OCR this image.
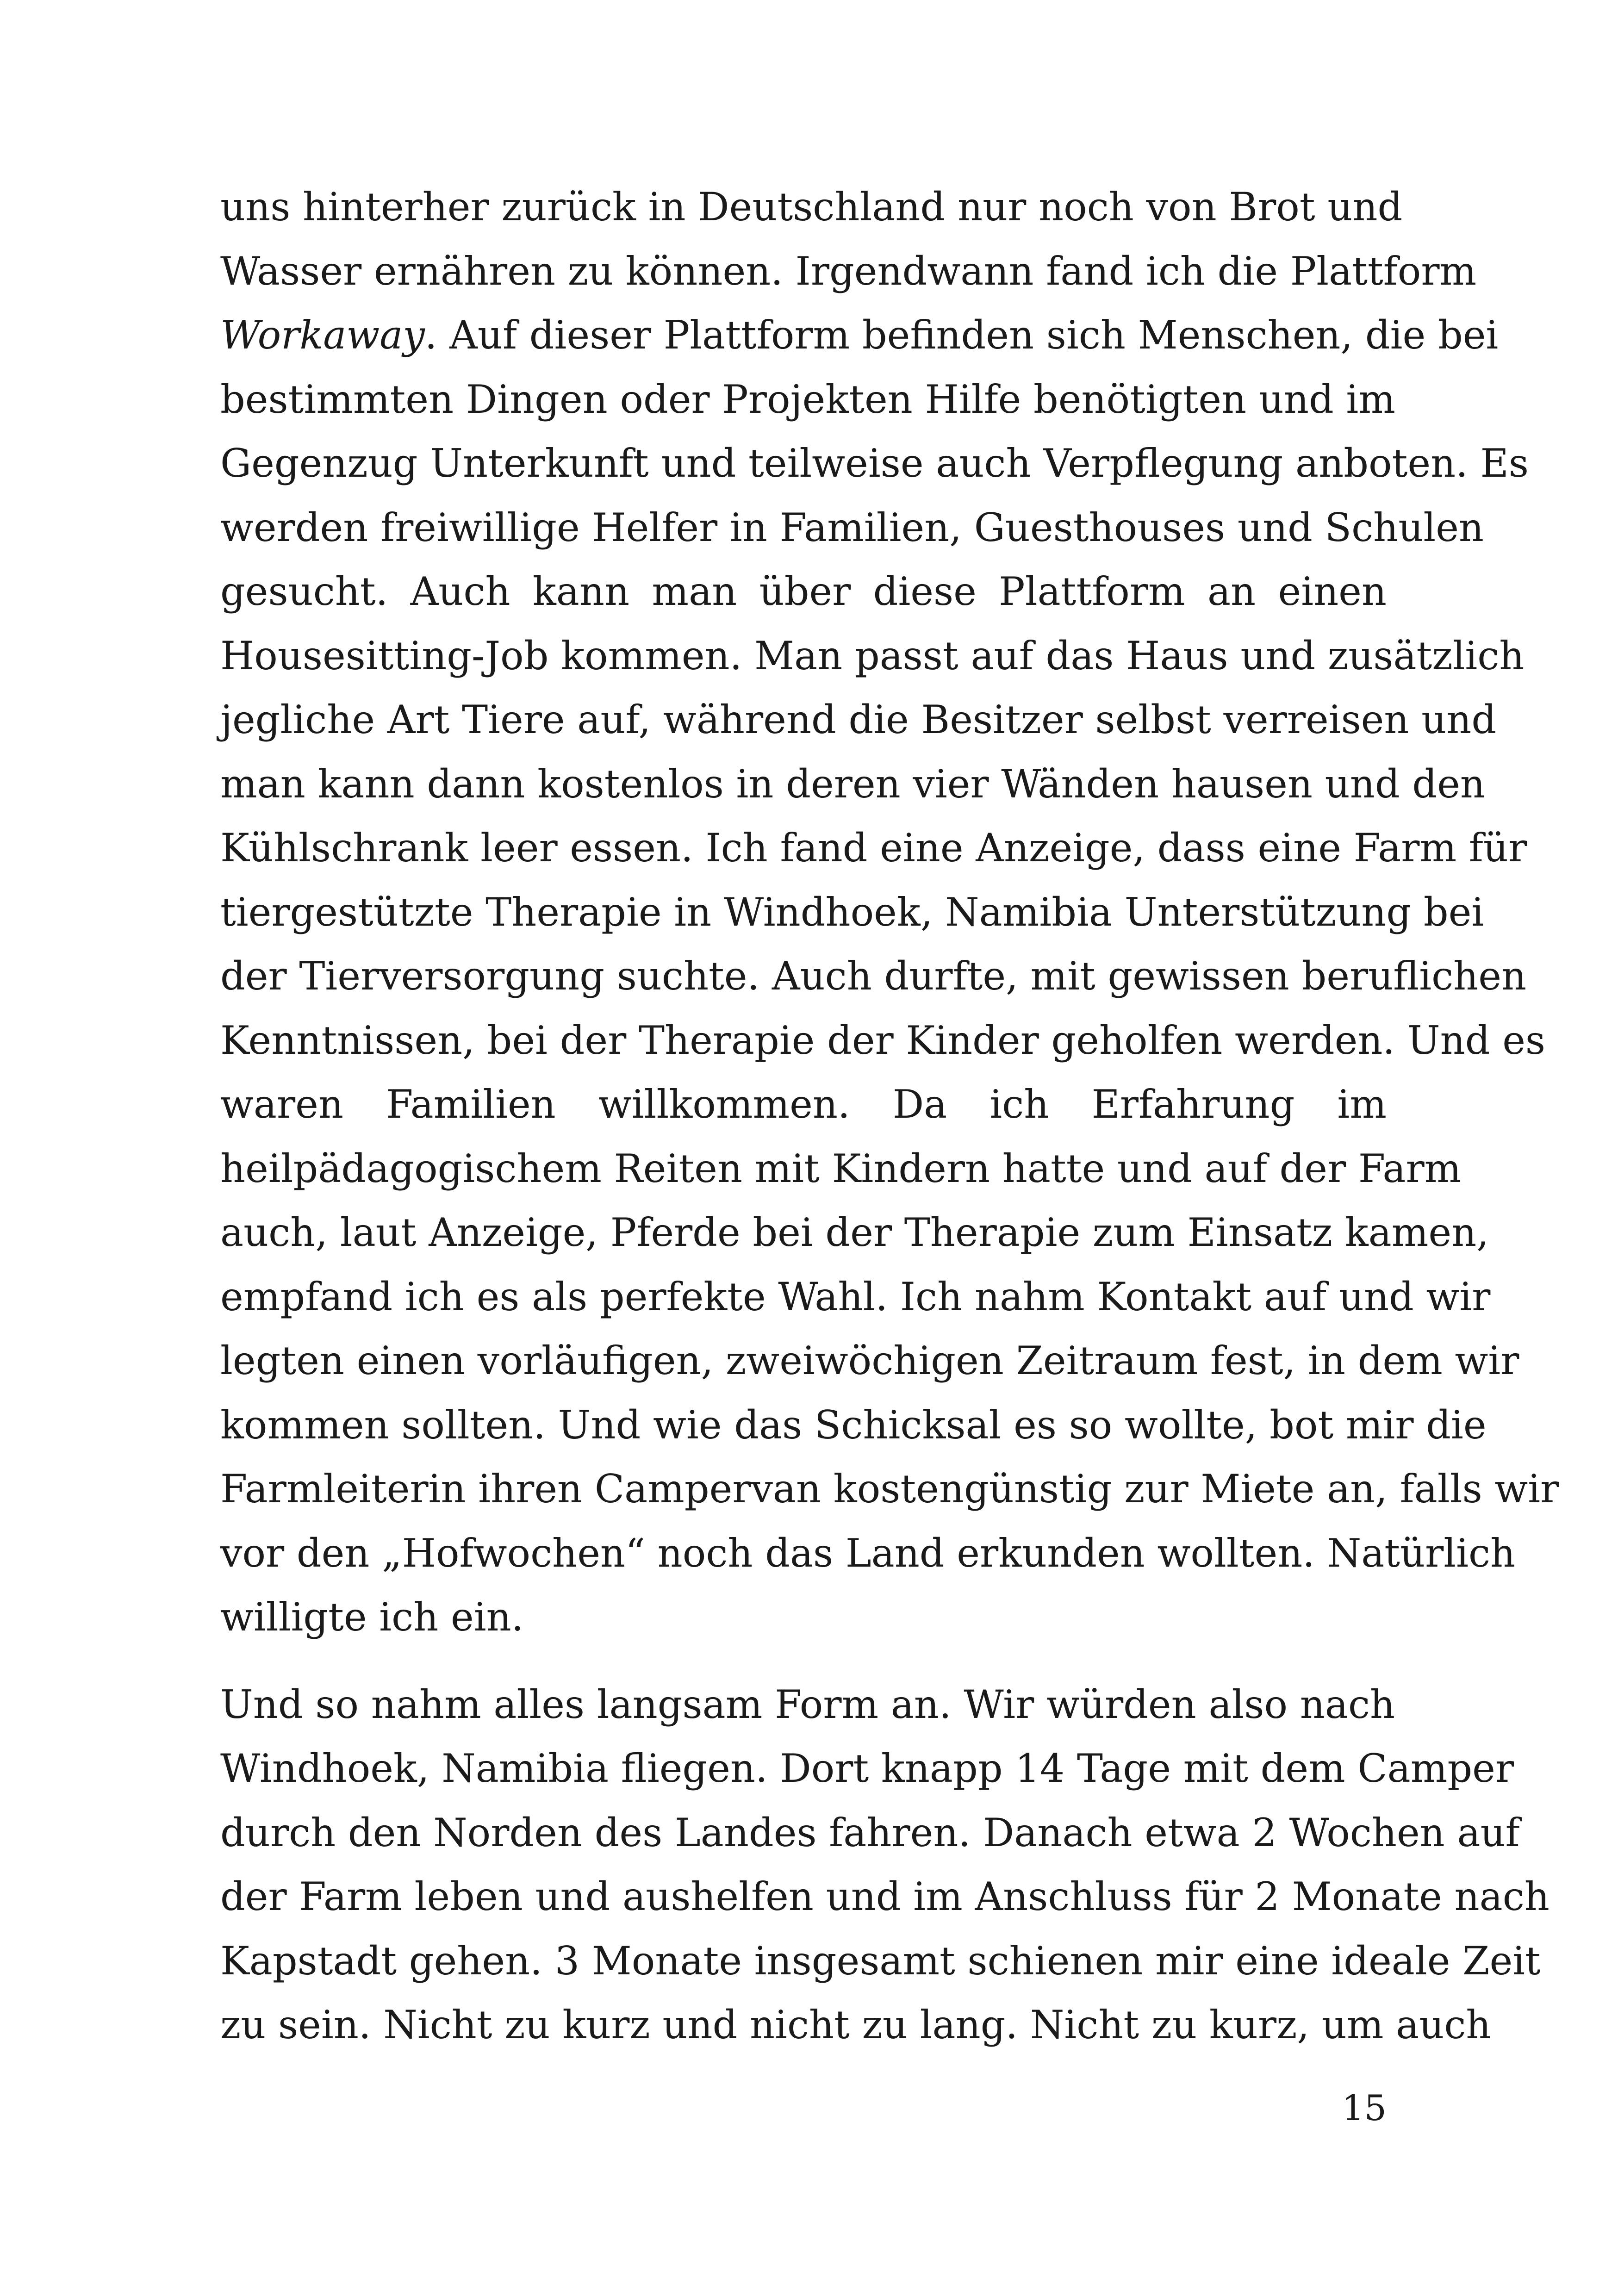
uns hinterher zurück in Deutschland nur noch von Brot und
Wasser ernähren zu können. Irgendwann fand ich die Plattform
Workaway. Auf dieser Plattform befinden sich Menschen, die bei
bestimmten Dingen oder Projekten Hilfe benötigten und im
Gegenzug Unterkunft und teilweise auch Verpflegung anboten. Es
werden freiwillige Helfer in Familien, Guesthouses und Schulen
gesucht. Auch kann man über diese Plattform an einen
Housesitting-Job kommen. Man passt auf das Haus und zusätzlich
jegliche Art Tiere auf, während die Besitzer selbst verreisen und
man kann dann kostenlos in deren vier Wänden hausen und den
Kühlschrank leer essen. Ich fand eine Anzeige, dass eine Farm für
tiergestützte Therapie in Windhoek, Namibia Unterstützung bei
der Tierversorgung suchte. Auch durfte, mit gewissen beruflichen
Kenntnissen, bei der Therapie der Kinder geholfen werden. Und es
waren Familien willkommen. Da ich Erfahrung im
heilpädagogischem Reiten mit Kindern hatte und auf der Farm
auch, laut Anzeige, Pferde bei der Therapie zum Einsatz kamen,
empfand ich es als perfekte Wahl. Ich nahm Kontakt auf und wir
legten einen vorläufigen, zweiwöchigen Zeitraum fest, in dem wir
kommen sollten. Und wie das Schicksal es so wollte, bot mir die
Farmleiterin ihren Campervan kostengünstig zur Miete an, falls wir
vor den „Hofwochen“ noch das Land erkunden wollten. Natürlich
willigte ich ein.

Und so nahm alles langsam Form an. Wir würden also nach
Windhoek, Namibia fliegen. Dort knapp 14 Tage mit dem Camper
durch den Norden des Landes fahren. Danach etwa 2 Wochen auf
der Farm leben und aushelfen und im Anschluss für 2 Monate nach
Kapstadt gehen. 3 Monate insgesamt schienen mir eine ideale Zeit
zu sein. Nicht zu kurz und nicht zu lang. Nicht zu kurz, um auch

15
